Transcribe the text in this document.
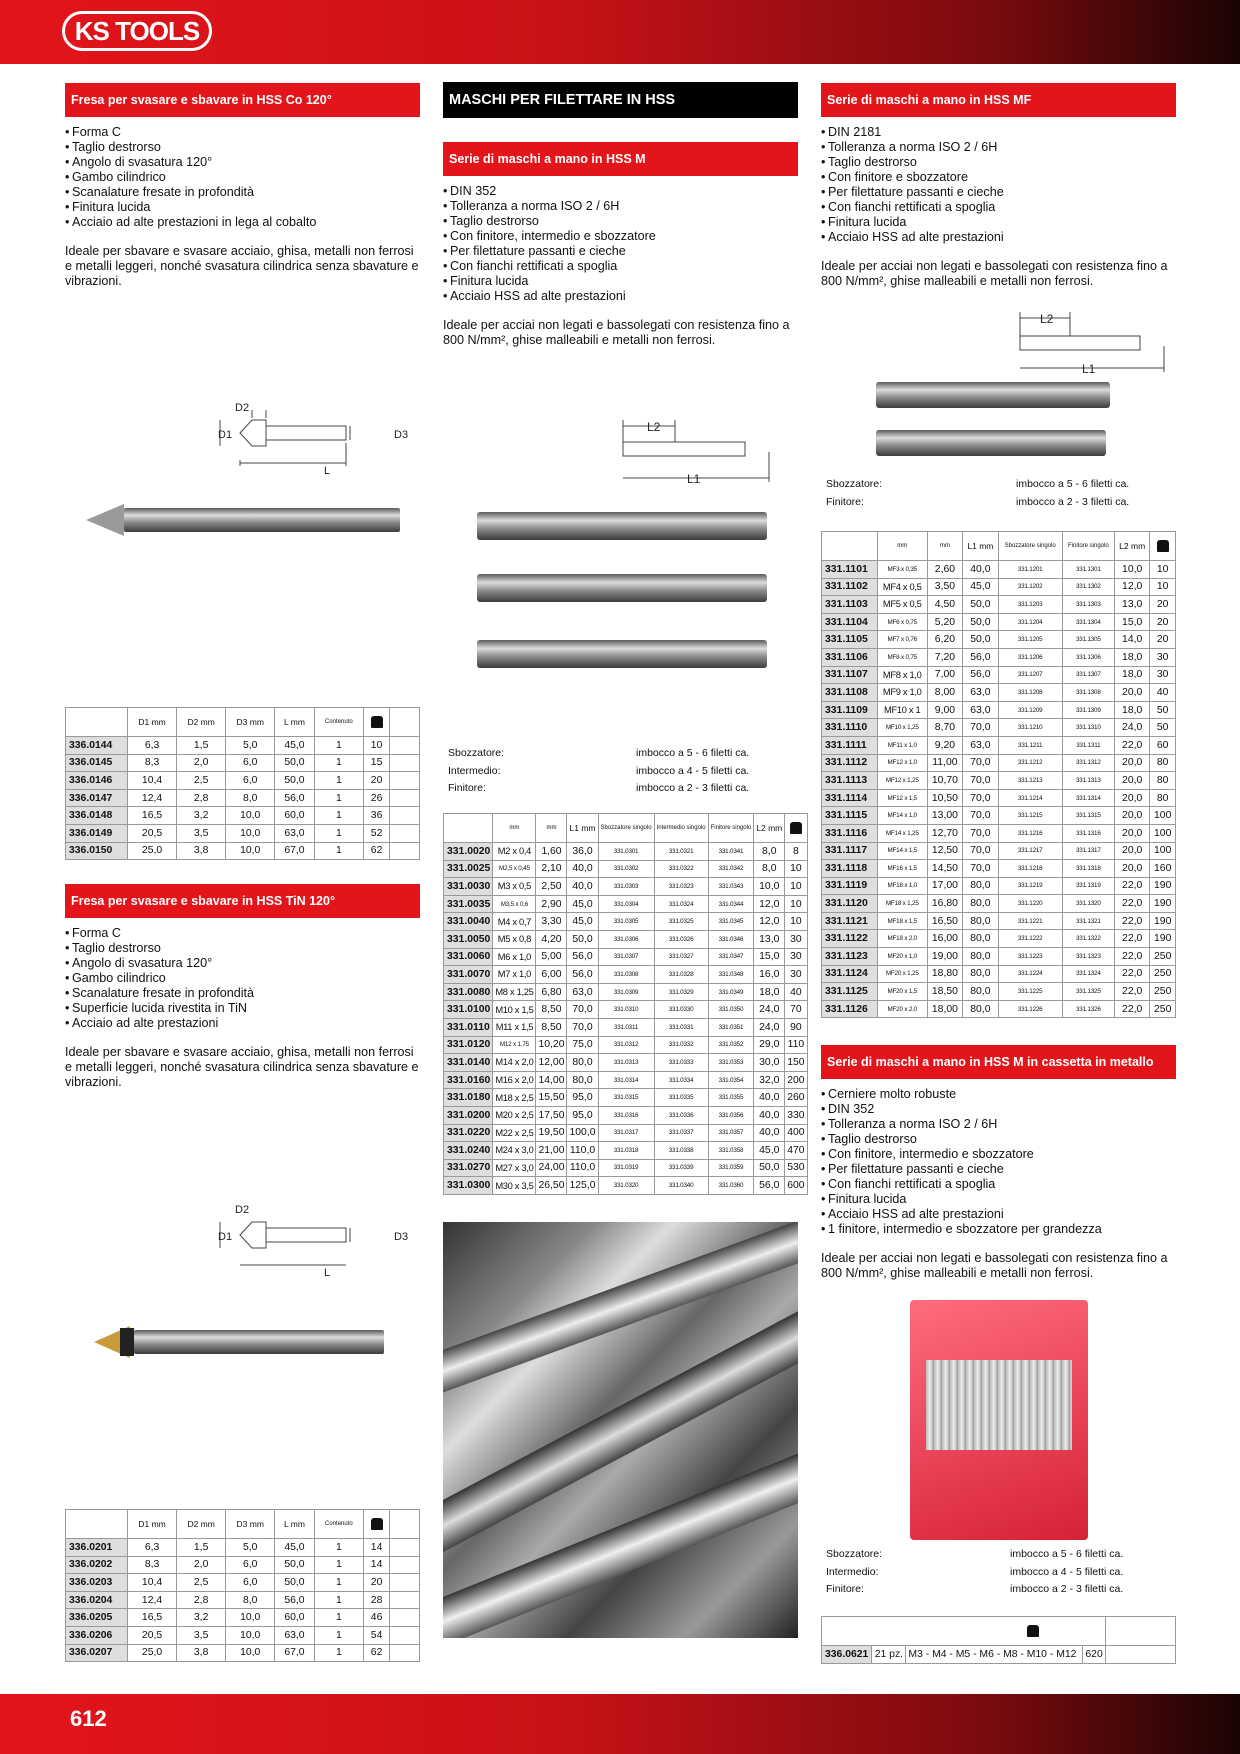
KS TOOLS
Fresa per svasare e sbavare in HSS Co 120°
• Forma C
• Taglio destrorso
• Angolo di svasatura 120°
• Gambo cilindrico
• Scanalature fresate in profondità
• Finitura lucida
• Acciaio ad alte prestazioni in lega al cobalto

Ideale per sbavare e svasare acciaio, ghisa, metalli non ferrosi e metalli leggeri, nonché svasatura cilindrica senza sbavature e vibrazioni.

D2
D1	D3
L
	D1 mm	D2 mm	D3 mm	L mm	Contenuto		
336.0144	6,3	1,5	5,0	45,0	1	10	
336.0145	8,3	2,0	6,0	50,0	1	15	
336.0146	10,4	2,5	6,0	50,0	1	20	
336.0147	12,4	2,8	8,0	56,0	1	26	
336.0148	16,5	3,2	10,0	60,0	1	36	
336.0149	20,5	3,5	10,0	63,0	1	52	
336.0150	25,0	3,8	10,0	67,0	1	62	
Fresa per svasare e sbavare in HSS TiN 120°
• Forma C
• Taglio destrorso
• Angolo di svasatura 120°
• Gambo cilindrico
• Scanalature fresate in profondità
• Superficie lucida rivestita in TiN
• Acciaio ad alte prestazioni

Ideale per sbavare e svasare acciaio, ghisa, metalli non ferrosi e metalli leggeri, nonché svasatura cilindrica senza sbavature e vibrazioni.

D2
D1	D3
L
	D1 mm	D2 mm	D3 mm	L mm	Contenuto		
336.0201	6,3	1,5	5,0	45,0	1	14	
336.0202	8,3	2,0	6,0	50,0	1	14	
336.0203	10,4	2,5	6,0	50,0	1	20	
336.0204	12,4	2,8	8,0	56,0	1	28	
336.0205	16,5	3,2	10,0	60,0	1	46	
336.0206	20,5	3,5	10,0	63,0	1	54	
336.0207	25,0	3,8	10,0	67,0	1	62	
MASCHI PER FILETTARE IN HSS
Serie di maschi a mano in HSS M
• DIN 352
• Tolleranza a norma ISO 2 / 6H
• Taglio destrorso
• Con finitore, intermedio e sbozzatore
• Per filettature passanti e cieche
• Con fianchi rettificati a spoglia
• Finitura lucida
• Acciaio HSS ad alte prestazioni

Ideale per acciai non legati e bassolegati con resistenza fino a 800 N/mm², ghise malleabili e metalli non ferrosi.

L2
L1
Sbozzatore:	imbocco a 5 - 6 filetti ca.
Intermedio:	imbocco a 4 - 5 filetti ca.
Finitore:	imbocco a 2 - 3 filetti ca.
	mm	mm	L1 mm	Sbozzatore singolo	Intermedio singolo	Finitore singolo	L2 mm	
331.0020	M2 x 0,4	1,60	36,0	331.0301	331.0321	331.0341	8,0	8
331.0025	M2,5 x 0,45	2,10	40,0	331.0302	331.0322	331.0342	8,0	10
331.0030	M3 x 0,5	2,50	40,0	331.0303	331.0323	331.0343	10,0	10
331.0035	M3,5 x 0,6	2,90	45,0	331.0304	331.0324	331.0344	12,0	10
331.0040	M4 x 0,7	3,30	45,0	331.0305	331.0325	331.0345	12,0	10
331.0050	M5 x 0,8	4,20	50,0	331.0306	331.0326	331.0346	13,0	30
331.0060	M6 x 1,0	5,00	56,0	331.0307	331.0327	331.0347	15,0	30
331.0070	M7 x 1,0	6,00	56,0	331.0308	331.0328	331.0348	16,0	30
331.0080	M8 x 1,25	6,80	63,0	331.0309	331.0329	331.0349	18,0	40
331.0100	M10 x 1,5	8,50	70,0	331.0310	331.0330	331.0350	24,0	70
331.0110	M11 x 1,5	8,50	70,0	331.0311	331.0331	331.0351	24,0	90
331.0120	M12 x 1,75	10,20	75,0	331.0312	331.0332	331.0352	29,0	110
331.0140	M14 x 2,0	12,00	80,0	331.0313	331.0333	331.0353	30,0	150
331.0160	M16 x 2,0	14,00	80,0	331.0314	331.0334	331.0354	32,0	200
331.0180	M18 x 2,5	15,50	95,0	331.0315	331.0335	331.0355	40,0	260
331.0200	M20 x 2,5	17,50	95,0	331.0316	331.0336	331.0356	40,0	330
331.0220	M22 x 2,5	19,50	100,0	331.0317	331.0337	331.0357	40,0	400
331.0240	M24 x 3,0	21,00	110,0	331.0318	331.0338	331.0358	45,0	470
331.0270	M27 x 3,0	24,00	110,0	331.0319	331.0339	331.0359	50,0	530
331.0300	M30 x 3,5	26,50	125,0	331.0320	331.0340	331.0360	56,0	600
Serie di maschi a mano in HSS MF
• DIN 2181
• Tolleranza a norma ISO 2 / 6H
• Taglio destrorso
• Con finitore e sbozzatore
• Per filettature passanti e cieche
• Con fianchi rettificati a spoglia
• Finitura lucida
• Acciaio HSS ad alte prestazioni

Ideale per acciai non legati e bassolegati con resistenza fino a 800 N/mm², ghise malleabili e metalli non ferrosi.

L2
L1
Sbozzatore:	imbocco a 5 - 6 filetti ca.
Finitore:	imbocco a 2 - 3 filetti ca.
	mm	mm	L1 mm	Sbozzatore singolo	Finitore singolo	L2 mm	
331.1101	MF3 x 0,35	2,60	40,0	331.1201	331.1301	10,0	10
331.1102	MF4 x 0,5	3,50	45,0	331.1202	331.1302	12,0	10
331.1103	MF5 x 0,5	4,50	50,0	331.1203	331.1303	13,0	20
331.1104	MF6 x 0,75	5,20	50,0	331.1204	331.1304	15,0	20
331.1105	MF7 x 0,76	6,20	50,0	331.1205	331.1305	14,0	20
331.1106	MF8 x 0,75	7,20	56,0	331.1206	331.1306	18,0	30
331.1107	MF8 x 1,0	7,00	56,0	331.1207	331.1307	18,0	30
331.1108	MF9 x 1,0	8,00	63,0	331.1208	331.1308	20,0	40
331.1109	MF10 x 1	9,00	63,0	331.1209	331.1309	18,0	50
331.1110	MF10 x 1,25	8,70	70,0	331.1210	331.1310	24,0	50
331.1111	MF11 x 1,0	9,20	63,0	331.1211	331.1311	22,0	60
331.1112	MF12 x 1,0	11,00	70,0	331.1212	331.1312	20,0	80
331.1113	MF12 x 1,25	10,70	70,0	331.1213	331.1313	20,0	80
331.1114	MF12 x 1,5	10,50	70,0	331.1214	331.1314	20,0	80
331.1115	MF14 x 1,0	13,00	70,0	331.1215	331.1315	20,0	100
331.1116	MF14 x 1,25	12,70	70,0	331.1216	331.1316	20,0	100
331.1117	MF14 x 1,5	12,50	70,0	331.1217	331.1317	20,0	100
331.1118	MF16 x 1,5	14,50	70,0	331.1218	331.1318	20,0	160
331.1119	MF18 x 1,0	17,00	80,0	331.1219	331.1319	22,0	190
331.1120	MF18 x 1,25	16,80	80,0	331.1220	331.1320	22,0	190
331.1121	MF18 x 1,5	16,50	80,0	331.1221	331.1321	22,0	190
331.1122	MF18 x 2,0	16,00	80,0	331.1222	331.1322	22,0	190
331.1123	MF20 x 1,0	19,00	80,0	331.1223	331.1323	22,0	250
331.1124	MF20 x 1,25	18,80	80,0	331.1224	331.1324	22,0	250
331.1125	MF20 x 1,5	18,50	80,0	331.1225	331.1325	22,0	250
331.1126	MF20 x 2,0	18,00	80,0	331.1226	331.1326	22,0	250
Serie di maschi a mano in HSS M in cassetta in metallo
• Cerniere molto robuste
• DIN 352
• Tolleranza a norma ISO 2 / 6H
• Taglio destrorso
• Con finitore, intermedio e sbozzatore
• Per filettature passanti e cieche
• Con fianchi rettificati a spoglia
• Finitura lucida
• Acciaio HSS ad alte prestazioni
• 1 finitore, intermedio e sbozzatore per grandezza

Ideale per acciai non legati e bassolegati con resistenza fino a 800 N/mm², ghise malleabili e metalli non ferrosi.

Sbozzatore:	imbocco a 5 - 6 filetti ca.
Intermedio:	imbocco a 4 - 5 filetti ca.
Finitore:	imbocco a 2 - 3 filetti ca.

336.0621	21 pz.	M3 - M4 - M5 - M6 - M8 - M10 - M12	620	
612
